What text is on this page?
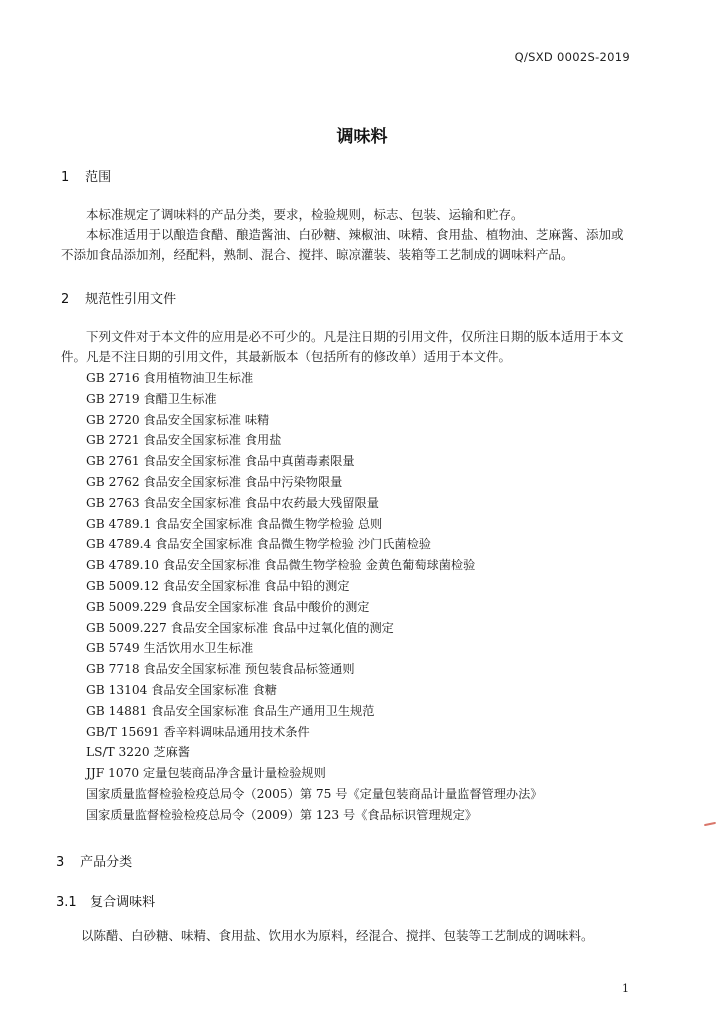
Q/SXD 0002S-2019
调味料
1 范围

本标准规定了调味料的产品分类，要求，检验规则，标志、包装、运输和贮存。

本标准适用于以酿造食醋、酿造酱油、白砂糖、辣椒油、味精、食用盐、植物油、芝麻酱、添加或不添加食品添加剂，经配料，熟制、混合、搅拌、晾凉灌装、装箱等工艺制成的调味料产品。

2 规范性引用文件

下列文件对于本文件的应用是必不可少的。凡是注日期的引用文件，仅所注日期的版本适用于本文件。凡是不注日期的引用文件，其最新版本（包括所有的修改单）适用于本文件。

GB 2716 食用植物油卫生标准
GB 2719 食醋卫生标准
GB 2720 食品安全国家标准 味精
GB 2721 食品安全国家标准 食用盐
GB 2761 食品安全国家标准 食品中真菌毒素限量
GB 2762 食品安全国家标准 食品中污染物限量
GB 2763 食品安全国家标准 食品中农药最大残留限量
GB 4789.1 食品安全国家标准 食品微生物学检验 总则
GB 4789.4 食品安全国家标准 食品微生物学检验 沙门氏菌检验
GB 4789.10 食品安全国家标准 食品微生物学检验 金黄色葡萄球菌检验
GB 5009.12 食品安全国家标准 食品中铅的测定
GB 5009.229 食品安全国家标准 食品中酸价的测定
GB 5009.227 食品安全国家标准 食品中过氧化值的测定
GB 5749 生活饮用水卫生标准
GB 7718 食品安全国家标准 预包装食品标签通则
GB 13104 食品安全国家标准 食糖
GB 14881 食品安全国家标准 食品生产通用卫生规范
GB/T 15691 香辛料调味品通用技术条件
LS/T 3220 芝麻酱
JJF 1070 定量包装商品净含量计量检验规则
国家质量监督检验检疫总局令（2005）第 75 号《定量包装商品计量监督管理办法》
国家质量监督检验检疫总局令（2009）第 123 号《食品标识管理规定》
3 产品分类
3.1 复合调味料

以陈醋、白砂糖、味精、食用盐、饮用水为原料，经混合、搅拌、包装等工艺制成的调味料。

1
